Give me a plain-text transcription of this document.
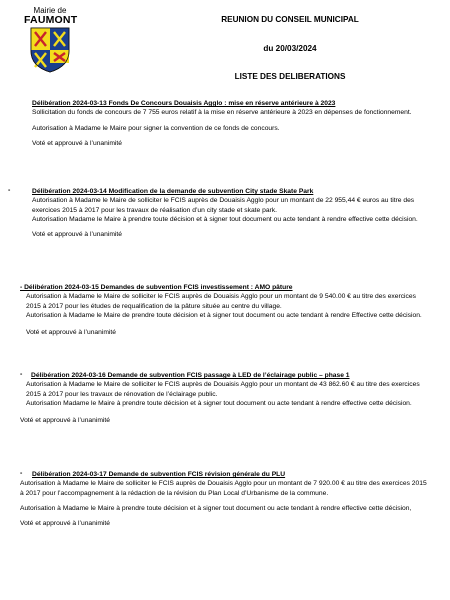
Mairie de
FAUMONT	REUNION DU CONSEIL MUNICIPAL
du 20/03/2024
LISTE DES DELIBERATIONS
Délibération 2024-03-13 Fonds De Concours Douaisis Agglo : mise en réserve antérieure à 2023

Sollicitation du fonds de concours de 7 755 euros relatif à la mise en réserve antérieure à 2023 en dépenses de fonctionnement.

Autorisation à Madame le Maire pour signer la convention de ce fonds de concours.

Voté et approuvé à l’unanimité

-	Délibération 2024-03-14 Modification de la demande de subvention City stade Skate Park

Autorisation à Madame le Maire de solliciter le FCIS auprès de Douaisis Agglo pour un montant de 22 955,44 € euros au titre des exercices 2015 à 2017 pour les travaux de réalisation d’un city stade et skate park.

Autorisation Madame le Maire à prendre toute décision et à signer tout document ou acte tendant à rendre effective cette décision.

Voté et approuvé à l’unanimité

- Délibération 2024-03-15 Demandes de subvention FCIS investissement : AMO pâture

Autorisation à Madame le Maire de solliciter le FCIS auprès de Douaisis Agglo pour un montant de 9 540.00 € au titre des exercices 2015 à 2017 pour les études de requalification de la pâture située au centre du village.

Autorisation à Madame le Maire de prendre toute décision et à signer tout document ou acte tendant à rendre Effective cette décision.

Voté et approuvé à l’unanimité

-	Délibération 2024-03-16 Demande de subvention FCIS passage à LED de l’éclairage public – phase 1

Autorisation à Madame le Maire de solliciter le FCIS auprès de Douaisis Agglo pour un montant de 43 862.60 € au titre des exercices 2015 à 2017 pour les travaux de rénovation de l’éclairage public.

Autorisation Madame le Maire à prendre toute décision et à signer tout document ou acte tendant à rendre effective cette décision.

Voté et approuvé à l’unanimité

-	Délibération 2024-03-17 Demande de subvention FCIS révision générale du PLU

Autorisation à Madame le Maire de solliciter le FCIS auprès de Douaisis Agglo pour un montant de 7 920.00 € au titre des exercices 2015 à 2017 pour l’accompagnement à la rédaction de la révision du Plan Local d’Urbanisme de la commune.

Autorisation à Madame le Maire à prendre toute décision et à signer tout document ou acte tendant à rendre effective cette décision,

Voté et approuvé à l’unanimité
